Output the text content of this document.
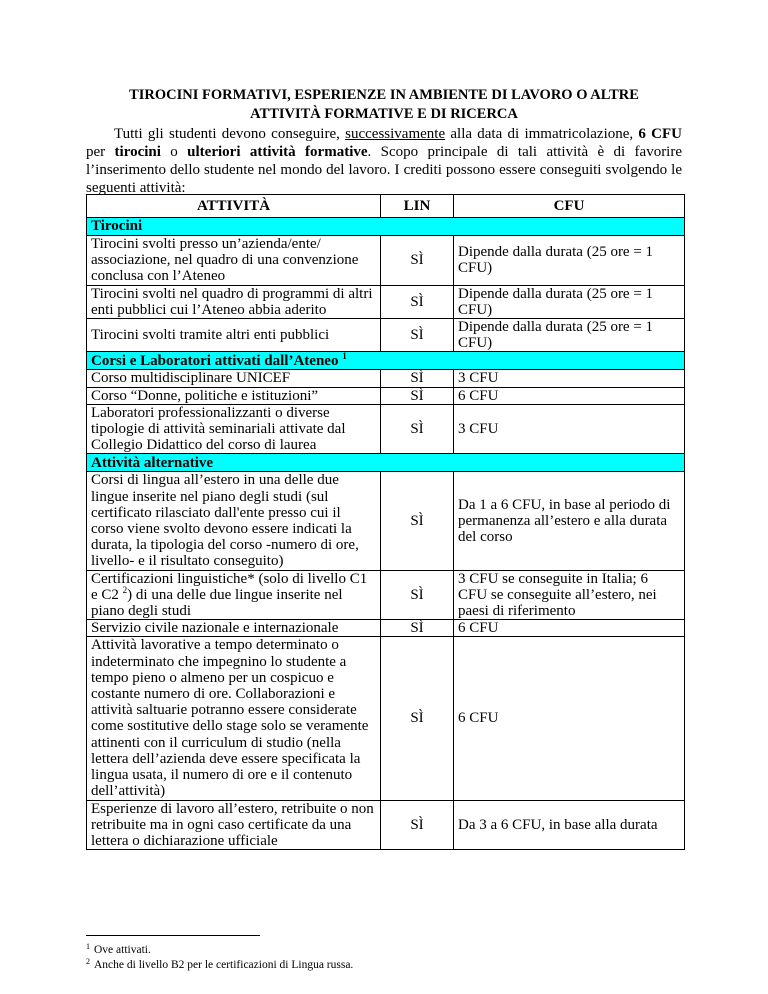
TIROCINI FORMATIVI, ESPERIENZE IN AMBIENTE DI LAVORO O ALTRE
ATTIVITÀ FORMATIVE E DI RICERCA

Tutti gli studenti devono conseguire, successivamente alla data di immatricolazione, 6 CFU per tirocini o ulteriori attività formative. Scopo principale di tali attività è di favorire l’inserimento dello studente nel mondo del lavoro. I crediti possono essere conseguiti svolgendo le seguenti attività:

ATTIVITÀ	LIN	CFU
Tirocini		
Tirocini svolti presso un’azienda/ente/ associazione, nel quadro di una convenzione conclusa con l’Ateneo	SÌ	Dipende dalla durata (25 ore = 1 CFU)
Tirocini svolti nel quadro di programmi di altri enti pubblici cui l’Ateneo abbia aderito	SÌ	Dipende dalla durata (25 ore = 1 CFU)
Tirocini svolti tramite altri enti pubblici	SÌ	Dipende dalla durata (25 ore = 1 CFU)
Corsi e Laboratori attivati dall’Ateneo $^1$
Corso multidisciplinare UNICEF	SÌ	3 CFU
Corso “Donne, politiche e istituzioni”	SÌ	6 CFU
Laboratori professionalizzanti o diverse tipologie di attività seminariali attivate dal Collegio Didattico del corso di laurea	SÌ	3 CFU
Attività alternative		
Corsi di lingua all’estero in una delle due lingue inserite nel piano degli studi (sul certificato rilasciato dall'ente presso cui il corso viene svolto devono essere indicati la durata, la tipologia del corso -numero di ore, livello- e il risultato conseguito)	SÌ	Da 1 a 6 CFU, in base al periodo di permanenza all’estero e alla durata del corso
Certificazioni linguistiche* (solo di livello C1 e C2 $^2$) di una delle due lingue inserite nel piano degli studi	SÌ	3 CFU se conseguite in Italia; 6 CFU se conseguite all’estero, nei paesi di riferimento
Servizio civile nazionale e internazionale	SÌ	6 CFU
Attività lavorative a tempo determinato o indeterminato che impegnino lo studente a tempo pieno o almeno per un cospicuo e costante numero di ore. Collaborazioni e attività saltuarie potranno essere considerate come sostitutive dello stage solo se veramente attinenti con il curriculum di studio (nella lettera dell’azienda deve essere specificata la lingua usata, il numero di ore e il contenuto dell’attività)	SÌ	6 CFU
Esperienze di lavoro all’estero, retribuite o non retribuite ma in ogni caso certificate da una lettera o dichiarazione ufficiale	SÌ	Da 3 a 6 CFU, in base alla durata
$^1$ Ove attivati.
$^2$ Anche di livello B2 per le certificazioni di Lingua russa.
